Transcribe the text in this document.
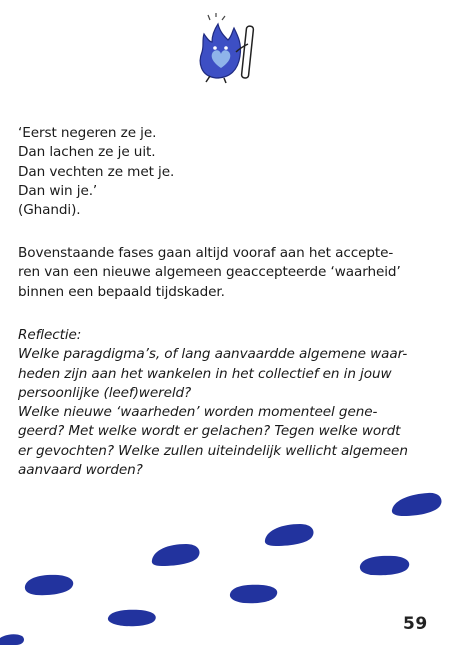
‘Eerst negeren ze je.
Dan lachen ze je uit.
Dan vechten ze met je.
Dan win je.’
(Ghandi).
Bovenstaande fases gaan altijd vooraf aan het accepte-
ren van een nieuwe algemeen geaccepteerde ‘waarheid’
binnen een bepaald tijdskader.
Reflectie:
Welke paragdigma’s, of lang aanvaardde algemene waar-
heden zijn aan het wankelen in het collectief en in jouw
persoonlijke (leef)wereld?
Welke nieuwe ‘waarheden’ worden momenteel gene-
geerd? Met welke wordt er gelachen? Tegen welke wordt
er gevochten? Welke zullen uiteindelijk wellicht algemeen
aanvaard worden?
59
